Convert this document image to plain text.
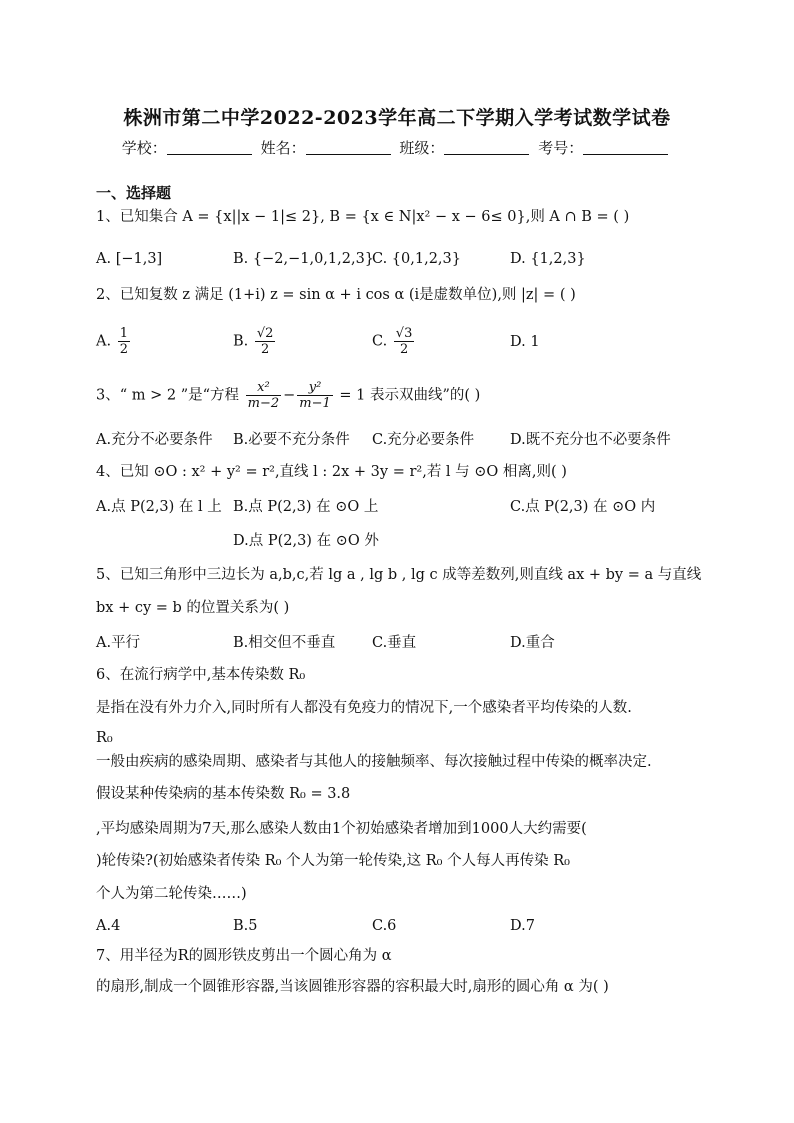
株洲市第二中学2022-2023学年高二下学期入学考试数学试卷
学校：	姓名：	班级：	考号：
一、选择题
1、已知集合 A = {x||x − 1|≤ 2}, B = {x ∈ N|x² − x − 6≤ 0},则 A ∩ B = ( )
A. [−1,3]	B. {−2,−1,0,1,2,3}
C. {0,1,2,3}	D. {1,2,3}
2、已知复数 z 满足 (1+i) z = sin α + i cos α (i是虚数单位),则 |z| = ( )
A. $\frac{1}{2}$	B. $\frac{√2}{2}$	C. $\frac{√3}{2}$	D. 1
3、“ m > 2 ”是“方程 $\frac{\text{x²}}{m-2} - \frac{\text{y²}}{m-1} = 1$ 表示双曲线”的( )
A.充分不必要条件 B.必要不充分条件 C.充分必要条件 D.既不充分也不必要条件
4、已知 ⊙O : x² + y² = r²,直线 l : 2x + 3y = r²,若 l 与 ⊙O 相离,则( )
A.点 P(2,3) 在 l 上 B.点 P(2,3) 在 ⊙O 上	C.点 P(2,3) 在 ⊙O 内
D.点 P(2,3) 在 ⊙O 外
5、已知三角形中三边长为 a,b,c,若 lg a , lg b , lg c 成等差数列,则直线 ax + by = a 与直线
bx + cy = b 的位置关系为( )
A.平行	B.相交但不垂直	C.垂直	D.重合
6、在流行病学中,基本传染数 R₀
是指在没有外力介入,同时所有人都没有免疫力的情况下,一个感染者平均传染的人数.
R₀
一般由疾病的感染周期、感染者与其他人的接触频率、每次接触过程中传染的概率决定.
假设某种传染病的基本传染数 R₀ = 3.8
,平均感染周期为7天,那么感染人数由1个初始感染者增加到1000人大约需要(
)轮传染?(初始感染者传染 R₀ 个人为第一轮传染,这 R₀ 个人每人再传染 R₀
个人为第二轮传染……)
A.4	B.5	C.6	D.7
7、用半径为R的圆形铁皮剪出一个圆心角为 α
的扇形,制成一个圆锥形容器,当该圆锥形容器的容积最大时,扇形的圆心角 α 为( )
